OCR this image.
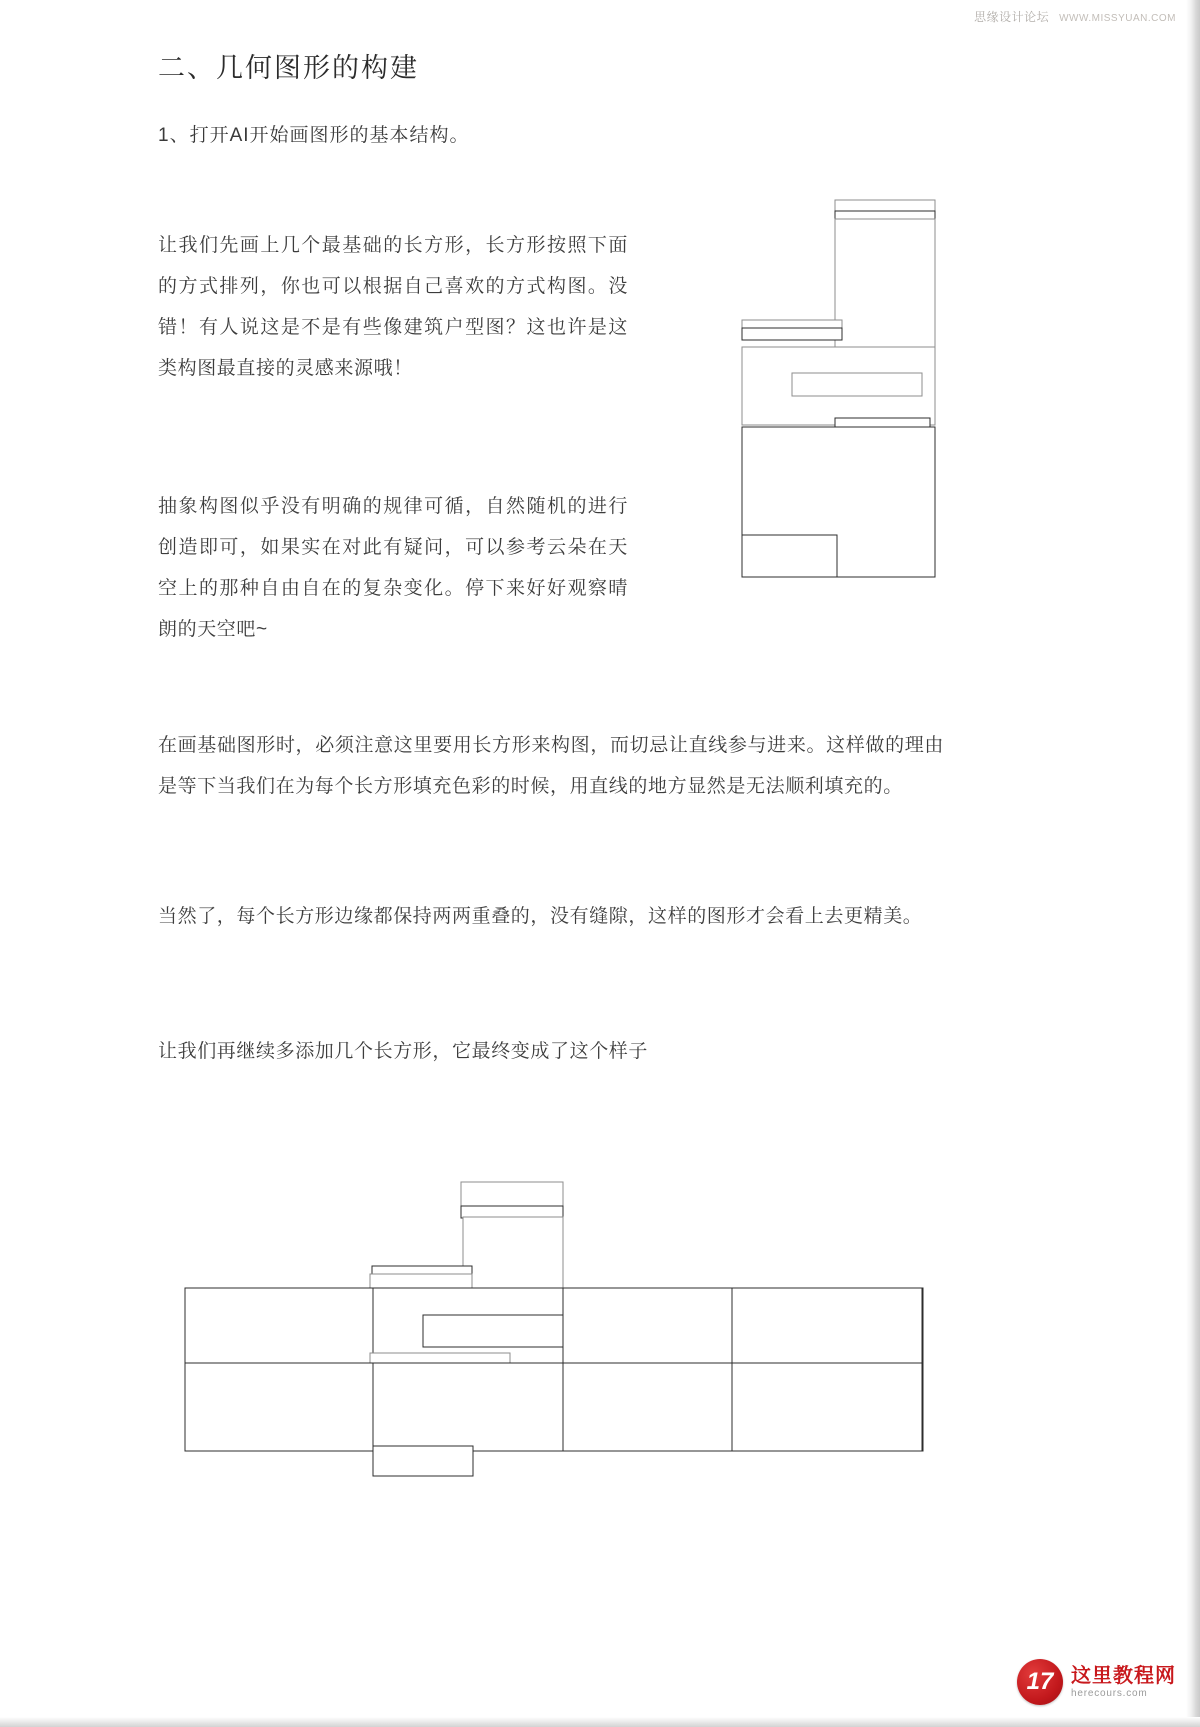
思缘设计论坛 WWW.MISSYUAN.COM
二、几何图形的构建
1、打开AI开始画图形的基本结构。

让我们先画上几个最基础的长方形，长方形按照下面的方式排列，你也可以根据自己喜欢的方式构图。没错！有人说这是不是有些像建筑户型图？这也许是这类构图最直接的灵感来源哦！

抽象构图似乎没有明确的规律可循，自然随机的进行创造即可，如果实在对此有疑问，可以参考云朵在天空上的那种自由自在的复杂变化。停下来好好观察晴朗的天空吧~

在画基础图形时，必须注意这里要用长方形来构图，而切忌让直线参与进来。这样做的理由是等下当我们在为每个长方形填充色彩的时候，用直线的地方显然是无法顺利填充的。

当然了，每个长方形边缘都保持两两重叠的，没有缝隙，这样的图形才会看上去更精美。

让我们再继续多添加几个长方形，它最终变成了这个样子

17 这里教程网
herecours.com
